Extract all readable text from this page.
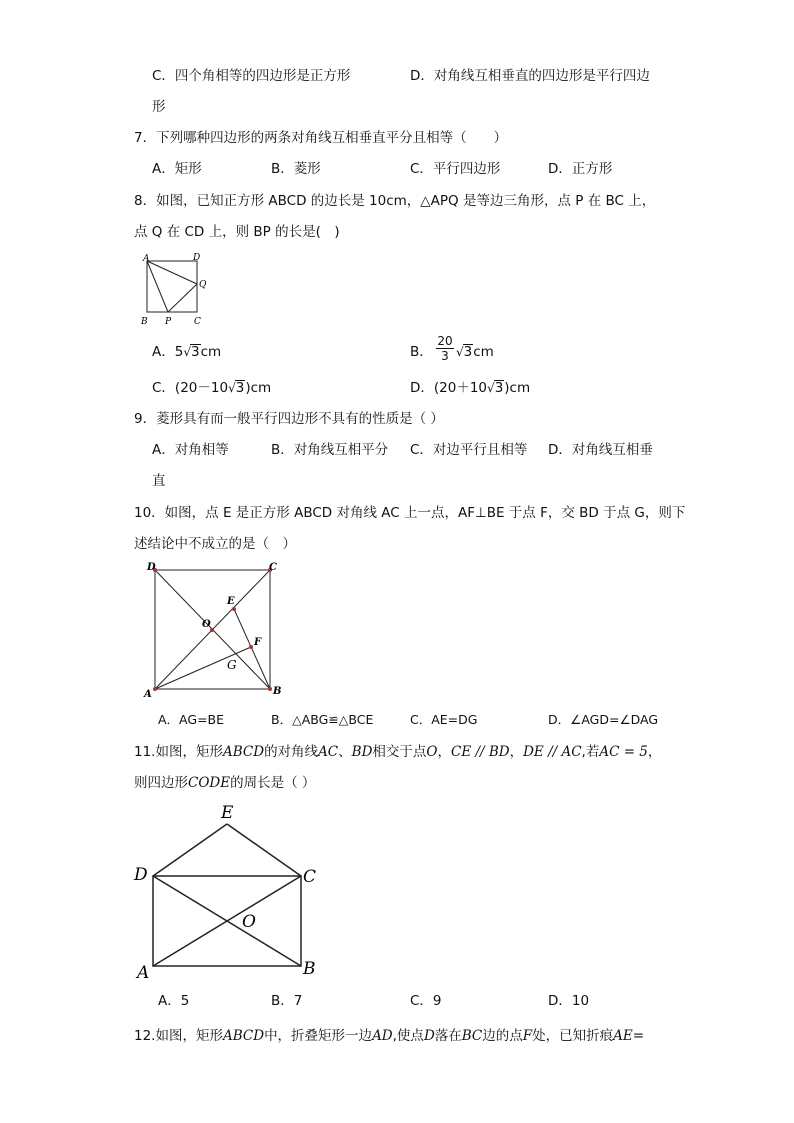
C．四个角相等的四边形是正方形	D．对角线互相垂直的四边形是平行四边
形
7．下列哪种四边形的两条对角线互相垂直平分且相等（　　）
A．矩形	B．菱形	C．平行四边形	D．正方形
8．如图，已知正方形 ABCD 的边长是 10cm，△APQ 是等边三角形，点 P 在 BC 上，
点 Q 在 CD 上，则 BP 的长是(　)
A	D
Q
B P	C
A．5√3cm	B． $\frac{20}{3} √3cm$
C．(20－10√3)cm	D．(20＋10√3)cm
9．菱形具有而一般平行四边形不具有的性质是（ ）
A．对角相等	B．对角线互相平分 C．对边平行且相等 D．对角线互相垂
直
10．如图，点 E 是正方形 ABCD 对角线 AC 上一点，AF⊥BE 于点 F，交 BD 于点 G，则下
述结论中不成立的是（　）
D	C
E
O
F
G
A	B
A．AG=BE	B．△ABG≌△BCE	C．AE=DG	D．∠AGD=∠DAG
11.如图，矩形ABCD的对角线AC、BD相交于点O，CE // BD，DE // AC,若AC = 5，
则四边形CODE的周长是（ ）
E
D	C
O
A	B
A．5	B．7	C．9	D．10
12.如图，矩形ABCD中，折叠矩形一边AD,使点D落在BC边的点F处，已知折痕AE=
